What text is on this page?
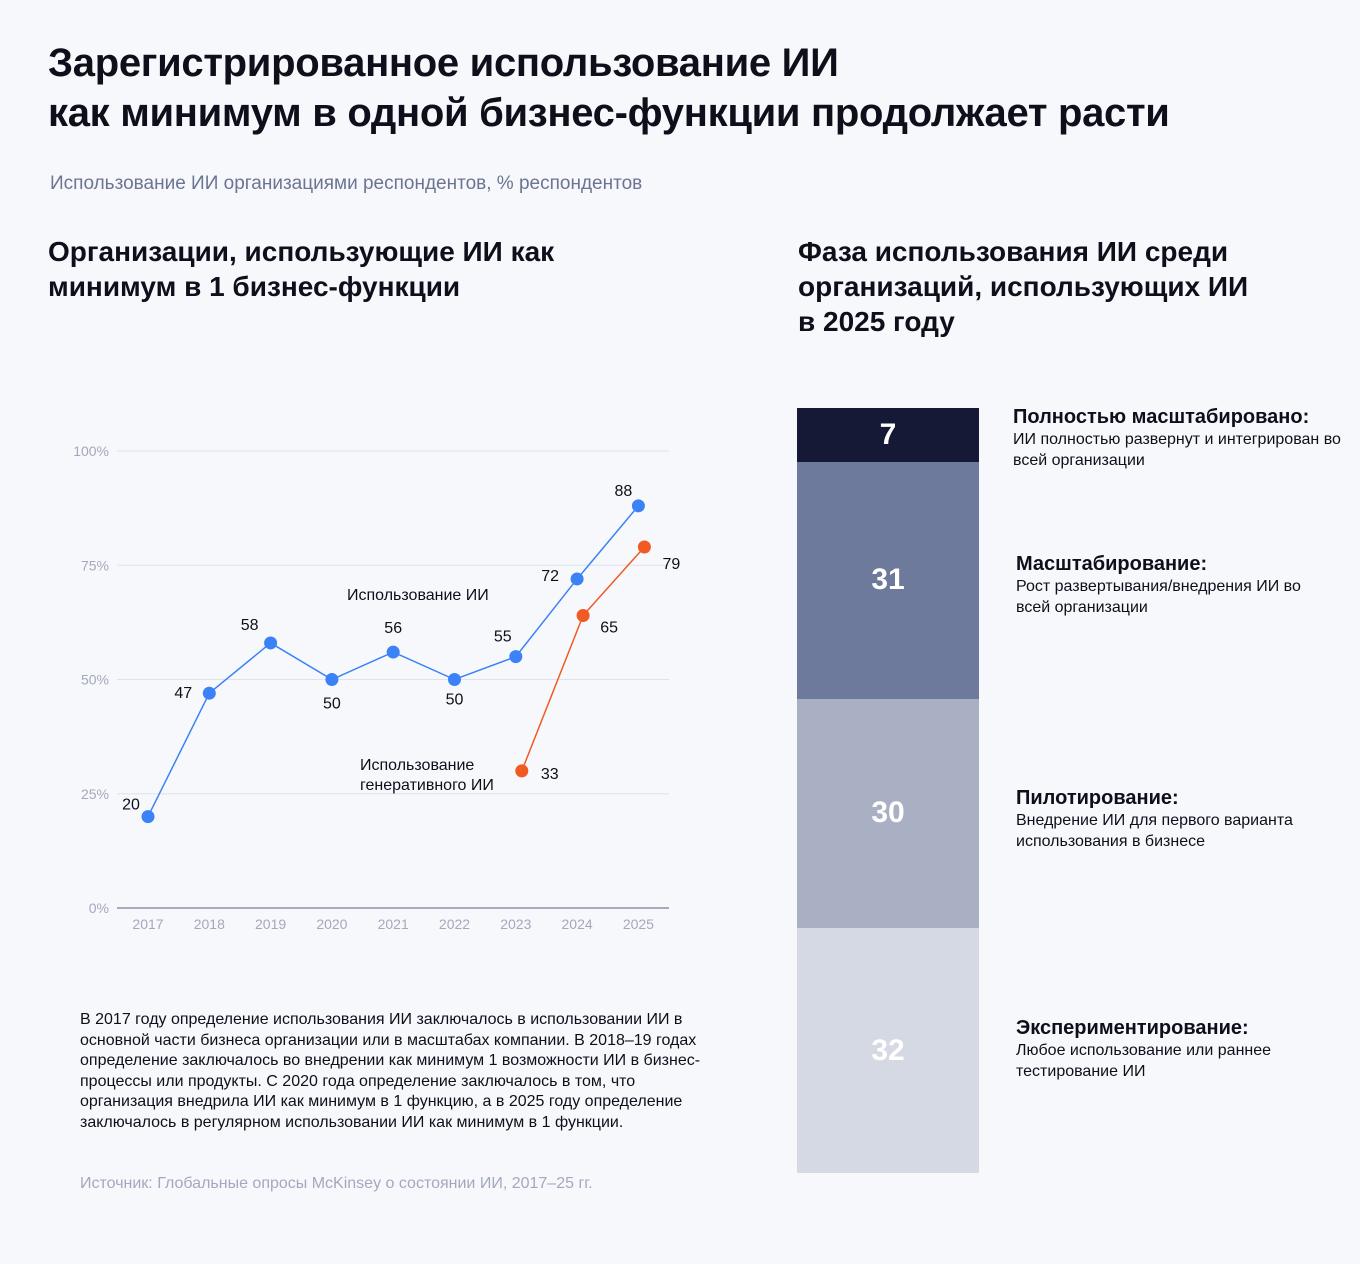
Зарегистрированное использование ИИ
как минимум в одной бизнес-функции продолжает расти
Использование ИИ организациями респондентов, % респондентов
Организации, использующие ИИ как
минимум в 1 бизнес-функции
Фаза использования ИИ среди
организаций, использующих ИИ
в 2025 году
0%
25%
50%
75%
100%
2017 2018 2019 2020 2021 2022 2023 2024 2025
20
47
58
50
56
50
55
72
88
33
65
79
Использование ИИ
Использование
генеративного ИИ
В 2017 году определение использования ИИ заключалось в использовании ИИ в основной части бизнеса организации или в масштабах компании. В 2018–19 годах определение заключалось во внедрении как минимум 1 возможности ИИ в бизнес-процессы или продукты. С 2020 года определение заключалось в том, что организация внедрила ИИ как минимум в 1 функцию, а в 2025 году определение заключалось в регулярном использовании ИИ как минимум в 1 функции.
Источник: Глобальные опросы McKinsey о состоянии ИИ, 2017–25 гг.
7
31
30
32
Полностью масштабировано:
ИИ полностью развернут и интегрирован во всей организации
Масштабирование:
Рост развертывания/внедрения ИИ во всей организации
Пилотирование:
Внедрение ИИ для первого варианта использования в бизнесе
Экспериментирование:
Любое использование или раннее тестирование ИИ
